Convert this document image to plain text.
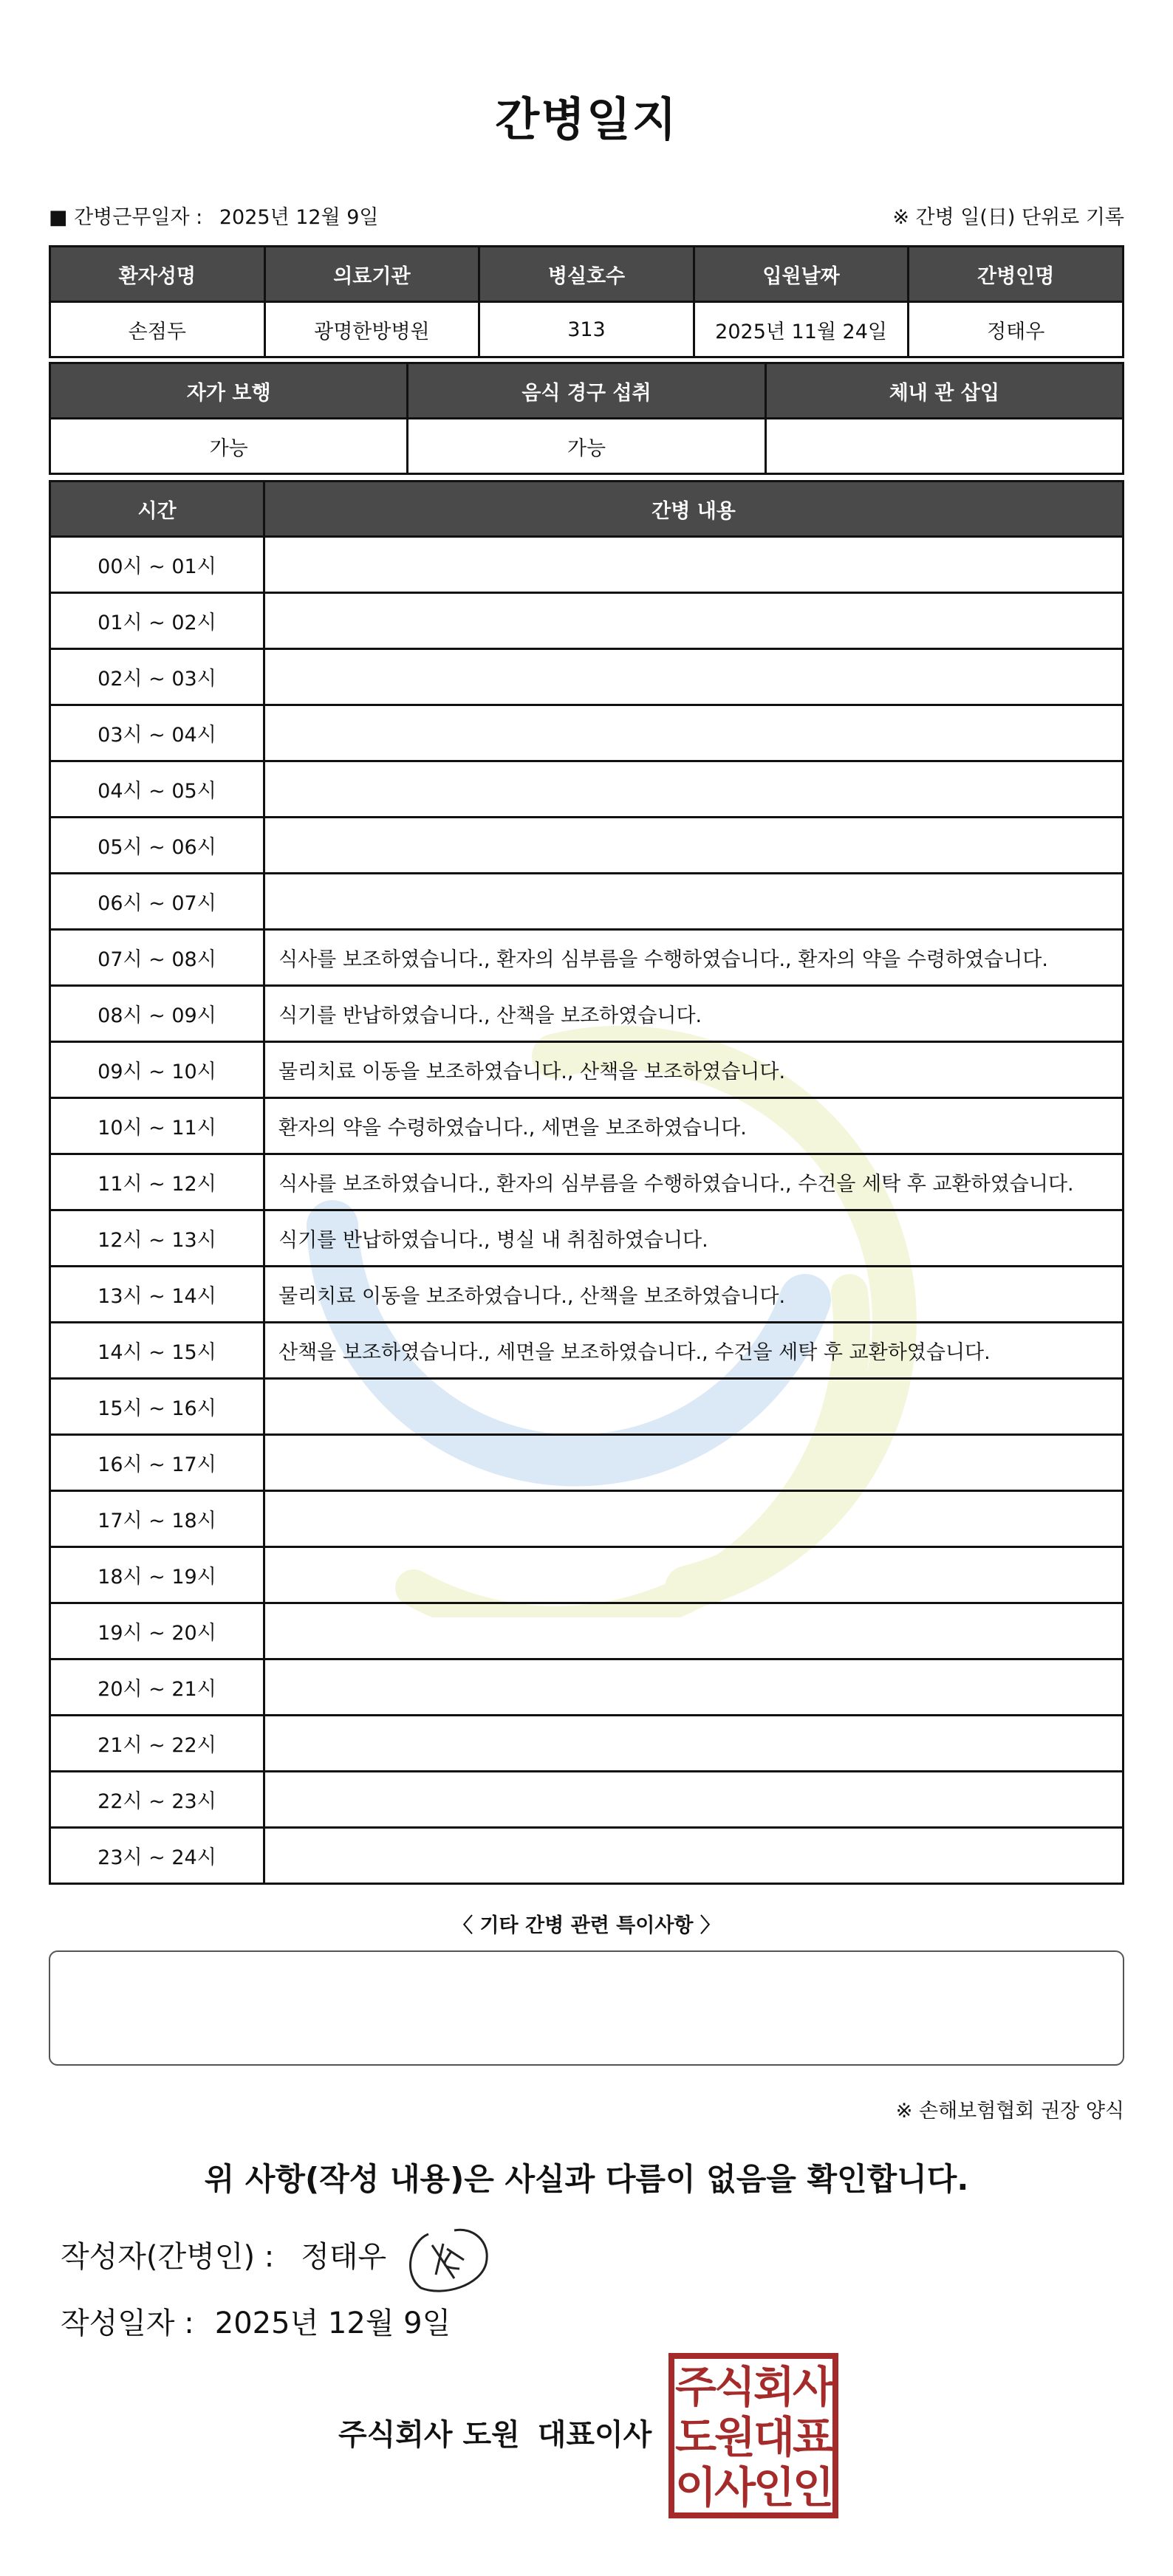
간병일지
■ 간병근무일자 : 2025년 12월 9일	※ 간병 일(日) 단위로 기록
환자성명	의료기관	병실호수	입원날짜	간병인명
손점두	광명한방병원	313	2025년 11월 24일	정태우
자가 보행	음식 경구 섭취	체내 관 삽입
가능	가능	
시간	간병 내용
00시 ~ 01시	
01시 ~ 02시	
02시 ~ 03시	
03시 ~ 04시	
04시 ~ 05시	
05시 ~ 06시	
06시 ~ 07시	
07시 ~ 08시	식사를 보조하였습니다., 환자의 심부름을 수행하였습니다., 환자의 약을 수령하였습니다.
08시 ~ 09시	식기를 반납하였습니다., 산책을 보조하였습니다.
09시 ~ 10시	물리치료 이동을 보조하였습니다., 산책을 보조하였습니다.
10시 ~ 11시	환자의 약을 수령하였습니다., 세면을 보조하였습니다.
11시 ~ 12시	식사를 보조하였습니다., 환자의 심부름을 수행하였습니다., 수건을 세탁 후 교환하였습니다.
12시 ~ 13시	식기를 반납하였습니다., 병실 내 취침하였습니다.
13시 ~ 14시	물리치료 이동을 보조하였습니다., 산책을 보조하였습니다.
14시 ~ 15시	산책을 보조하였습니다., 세면을 보조하였습니다., 수건을 세탁 후 교환하였습니다.
15시 ~ 16시	
16시 ~ 17시	
17시 ~ 18시	
18시 ~ 19시	
19시 ~ 20시	
20시 ~ 21시	
21시 ~ 22시	
22시 ~ 23시	
23시 ~ 24시	
〈 기타 간병 관련 특이사항 〉
※ 손해보험협회 권장 양식
위 사항(작성 내용)은 사실과 다름이 없음을 확인합니다.
작성자(간병인) : 정태우
작성일자 : 2025년 12월 9일
주식회사 도원 대표이사
주식회사
도원대표
이사인인
